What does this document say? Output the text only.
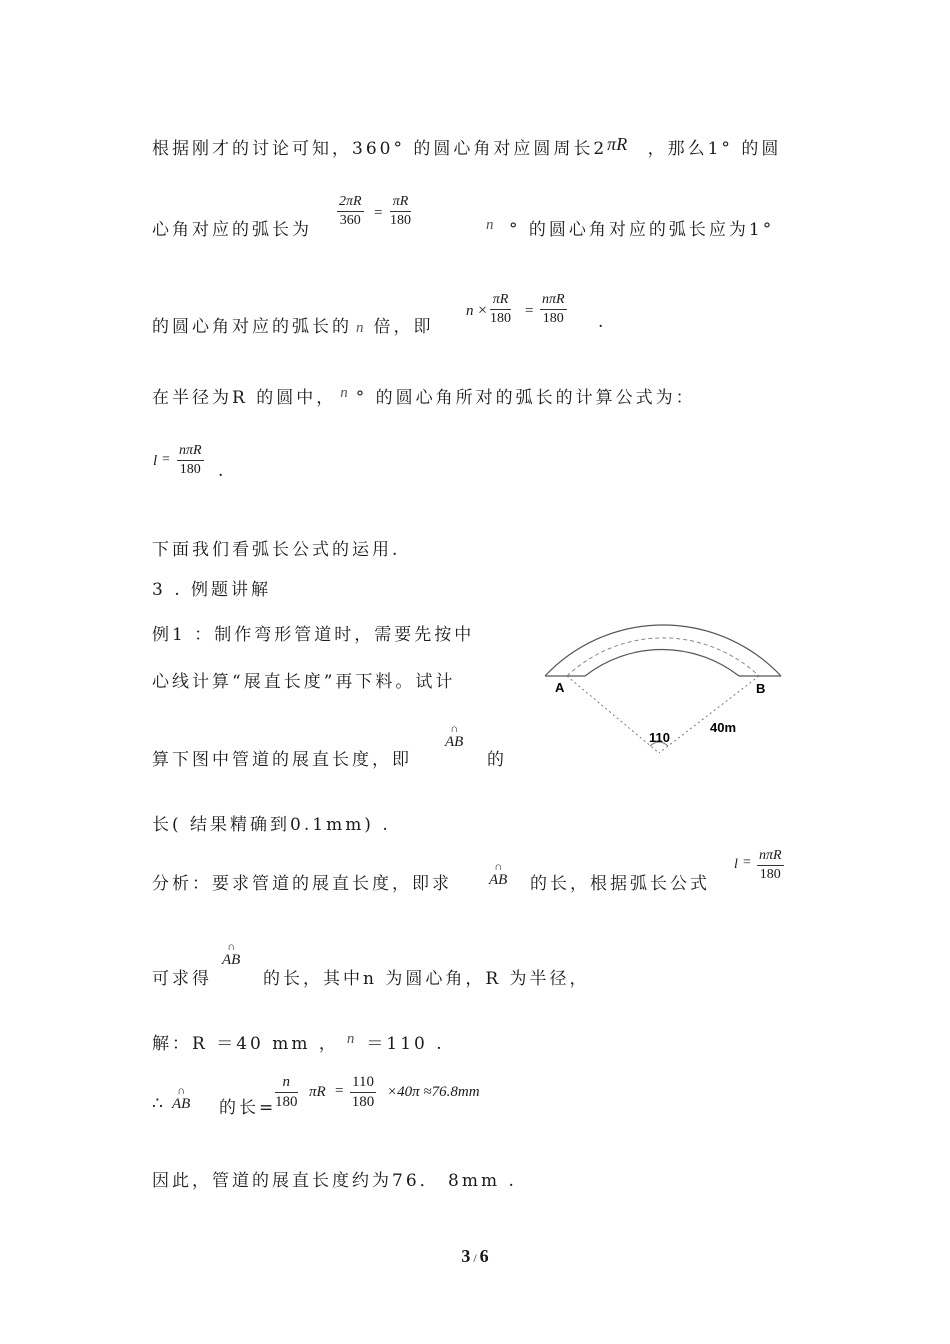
根据刚才的讨论可知，360° 的圆心角对应圆周长2πR ，那么1° 的圆
心角对应的弧长为
$\frac{2\pi R}{360} = \frac{\pi R}{180}$	n ° 的圆心角对应的弧长应为1°
的圆心角对应的弧长的 n 倍，即
$n \times \frac{\pi R}{180}$ =
nπR
180 .
在半径为R 的圆中， n ° 的圆心角所对的弧长的计算公式为：
l =
nπR
180 .
下面我们看弧长公式的运用.
3 . 例题讲解
例1 ：制作弯形管道时，需要先按中
心线计算“展直长度”再下料。试计
算下图中管道的展直长度，即
∩
AB
的
长( 结果精确到0.1mm) .
A	B
110
40m
分析：要求管道的展直长度，即求
∩
AB 的长，根据弧长公式
l = nπR
180
可求得
∩
AB
的长，其中n 为圆心角，R 为半径，
解：R ＝40 mm ， n ＝110 .
∴
∩
AB 的长=
$\frac{n}{180}$ $\pi R = \frac{110}{180} \times 40\pi \approx 76.8mm$
因此，管道的展直长度约为76． 8mm .
3 / 6
